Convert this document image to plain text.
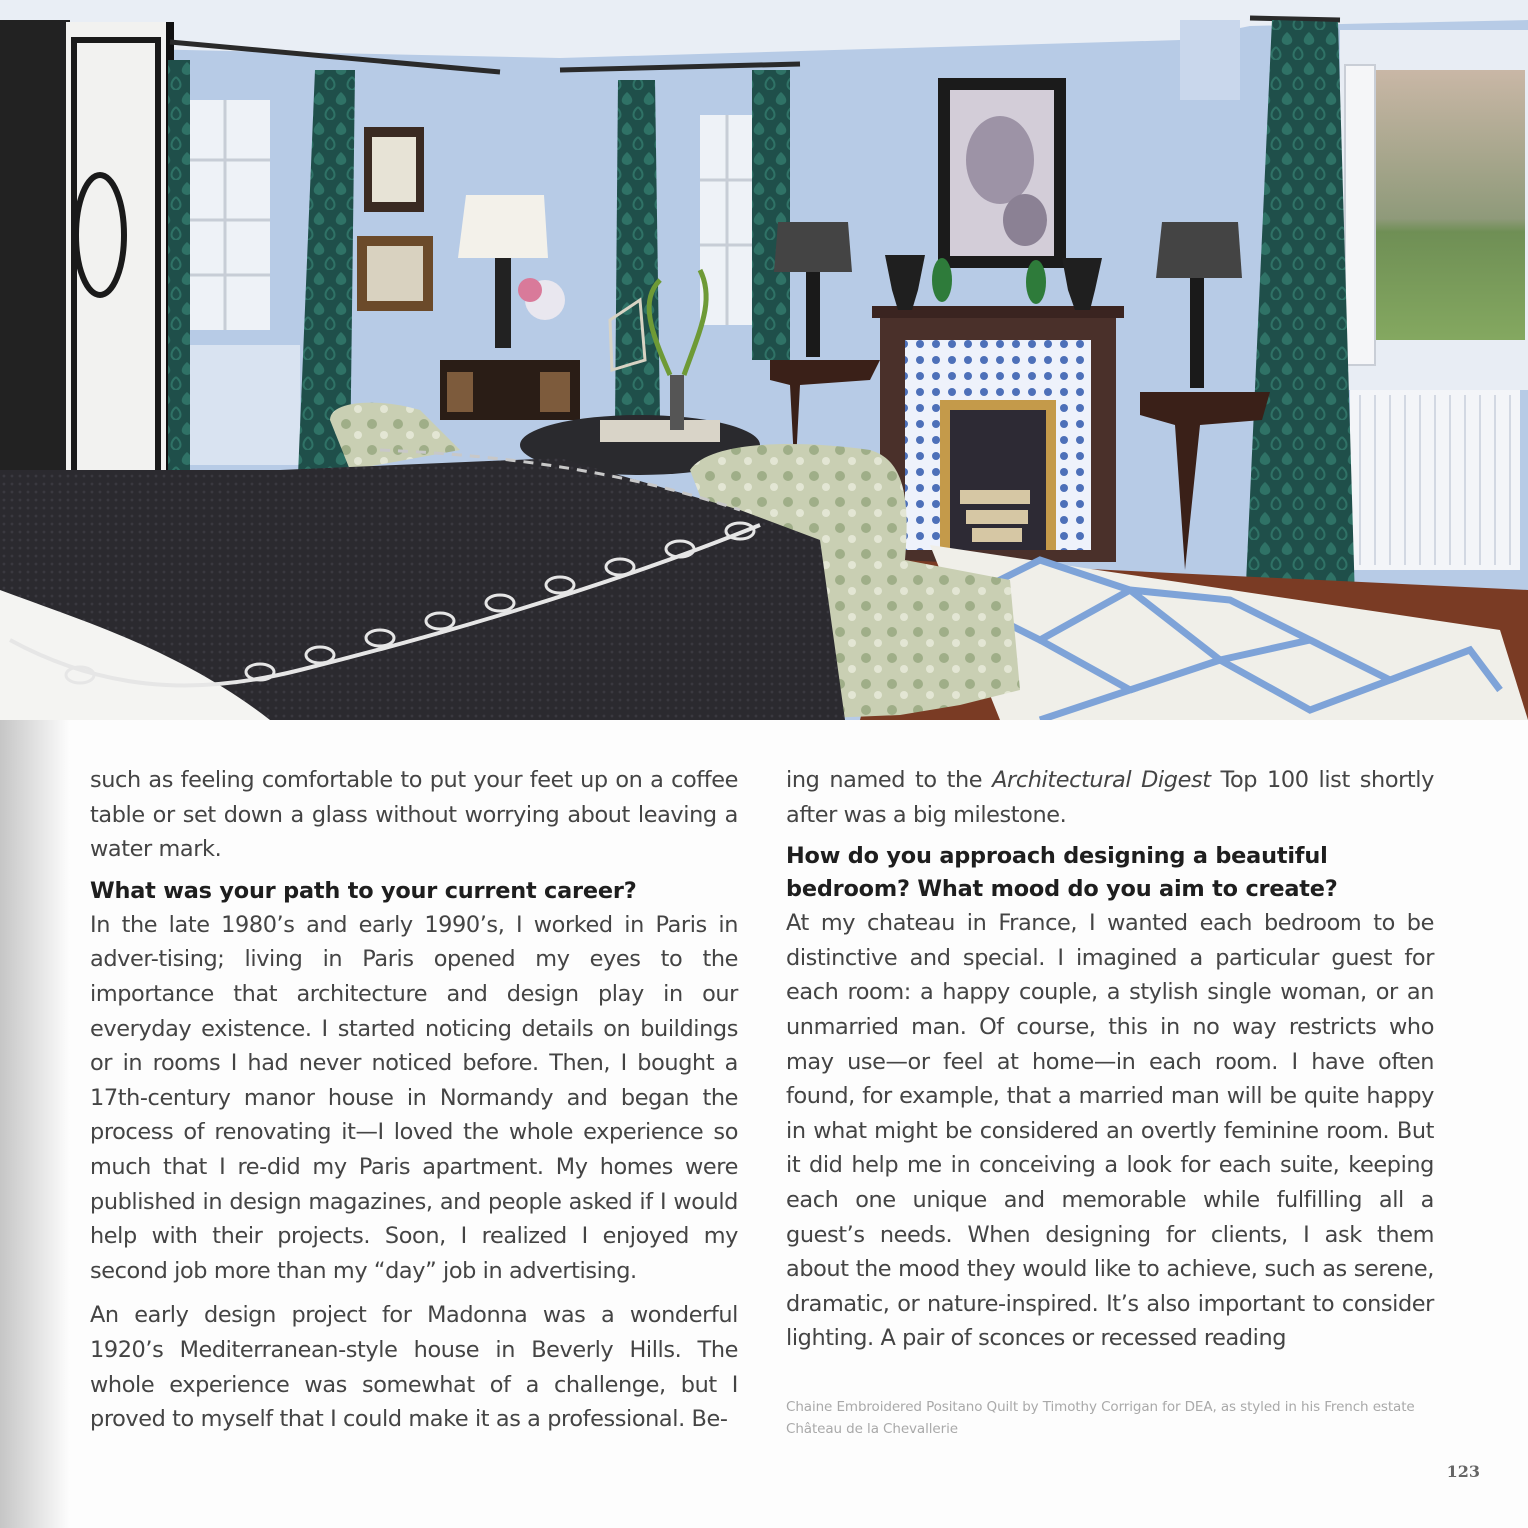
such as feeling comfortable to put your feet up on a coffee table or set down a glass without worrying about leaving a water mark.

What was your path to your current career?

In the late 1980’s and early 1990’s, I worked in Paris in adver-tising; living in Paris opened my eyes to the importance that architecture and design play in our everyday existence. I started noticing details on buildings or in rooms I had never noticed before. Then, I bought a 17th-century manor house in Normandy and began the process of renovating it—I loved the whole experience so much that I re-did my Paris apartment. My homes were published in design magazines, and people asked if I would help with their projects. Soon, I realized I enjoyed my second job more than my “day” job in advertising.

An early design project for Madonna was a wonderful 1920’s Mediterranean-style house in Beverly Hills. The whole experience was somewhat of a challenge, but I proved to myself that I could make it as a professional. Be-

ing named to the Architectural Digest Top 100 list shortly after was a big milestone.

How do you approach designing a beautiful bedroom? What mood do you aim to create?

At my chateau in France, I wanted each bedroom to be distinctive and special. I imagined a particular guest for each room: a happy couple, a stylish single woman, or an unmarried man. Of course, this in no way restricts who may use—or feel at home—in each room. I have often found, for example, that a married man will be quite happy in what might be considered an overtly feminine room. But it did help me in conceiving a look for each suite, keeping each one unique and memorable while fulfilling all a guest’s needs. When designing for clients, I ask them about the mood they would like to achieve, such as serene, dramatic, or nature-inspired. It’s also important to consider lighting. A pair of sconces or recessed reading

Chaine Embroidered Positano Quilt by Timothy Corrigan for DEA, as styled in his French estate Château de la Chevallerie
123
